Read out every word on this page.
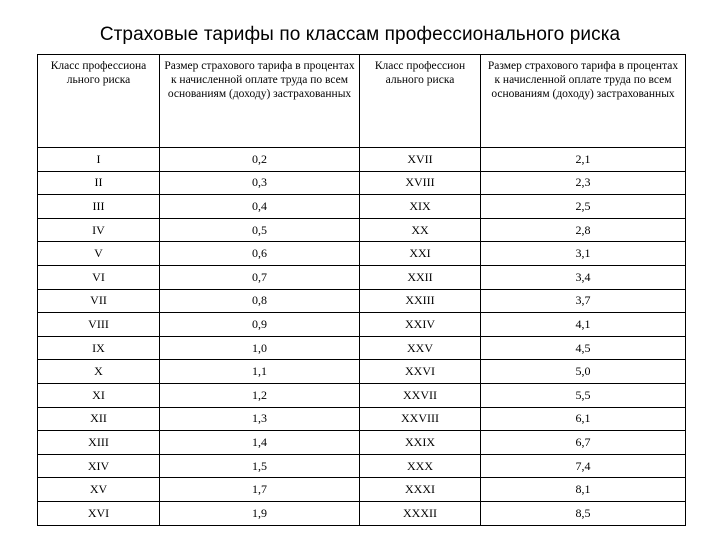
Страховые тарифы по классам профессионального риска
Класс профессиона льного риска	Размер страхового тарифа в процентах к начисленной оплате труда по всем основаниям (доходу) застрахованных	Класс профессион ального риска	Размер страхового тарифа в процентах к начисленной оплате труда по всем основаниям (доходу) застрахованных
I	0,2	XVII	2,1
II	0,3	XVIII	2,3
III	0,4	XIX	2,5
IV	0,5	XX	2,8
V	0,6	XXI	3,1
VI	0,7	XXII	3,4
VII	0,8	XXIII	3,7
VIII	0,9	XXIV	4,1
IX	1,0	XXV	4,5
X	1,1	XXVI	5,0
XI	1,2	XXVII	5,5
XII	1,3	XXVIII	6,1
XIII	1,4	XXIX	6,7
XIV	1,5	XXX	7,4
XV	1,7	XXXI	8,1
XVI	1,9	XXXII	8,5
